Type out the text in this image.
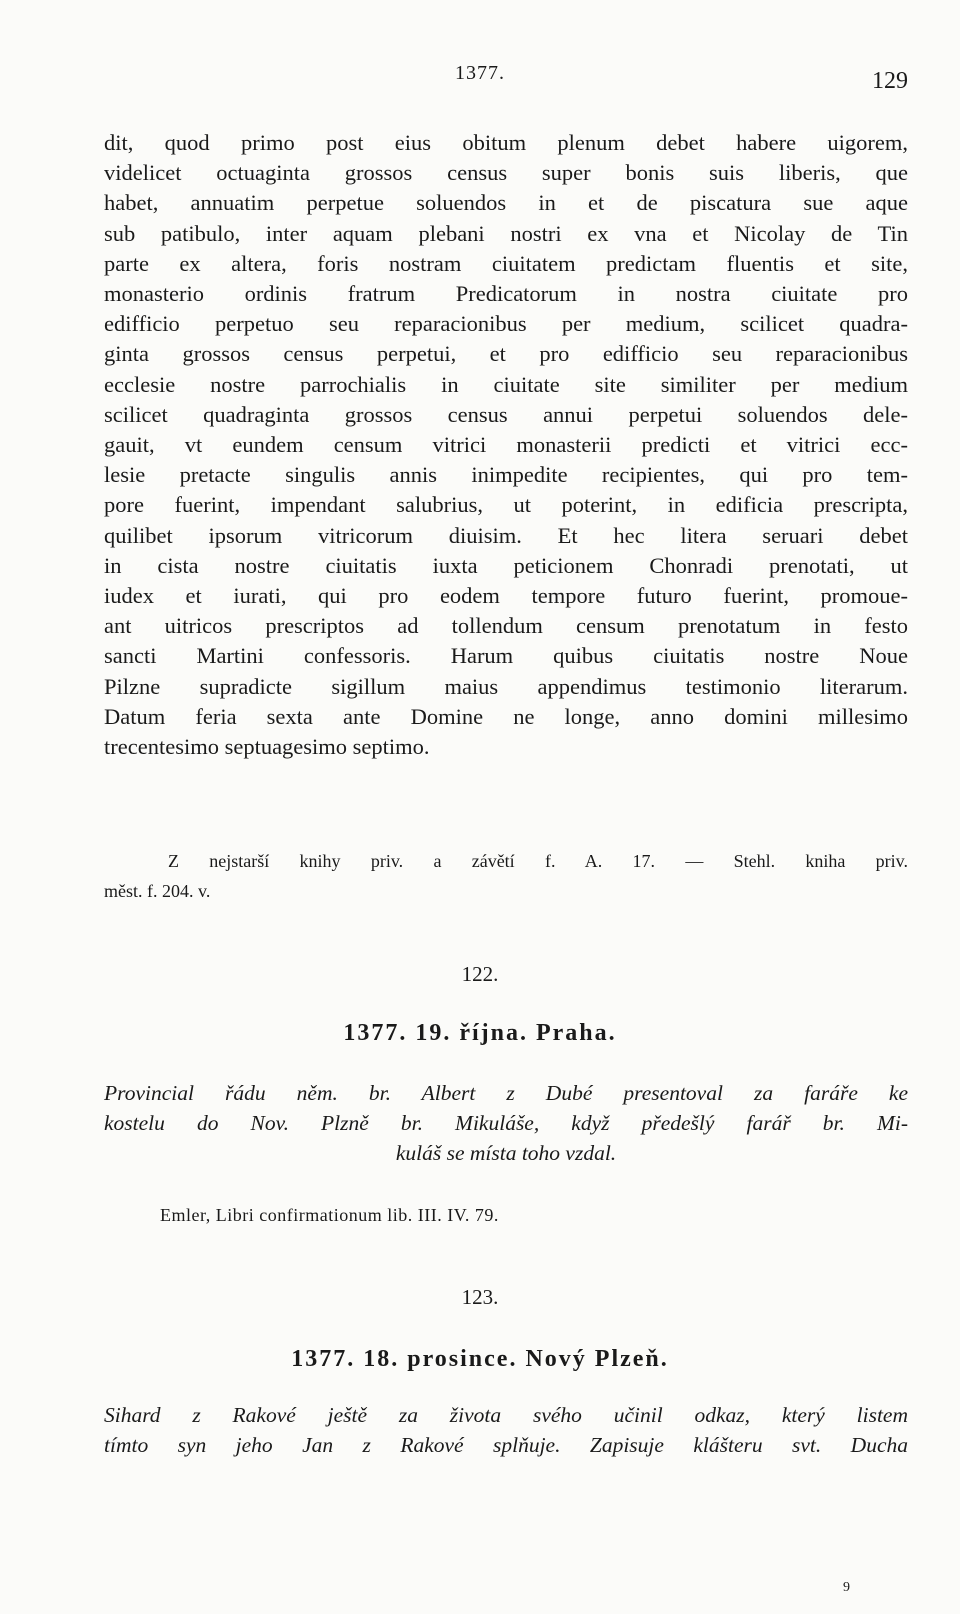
1377.	129
dit, quod primo post eius obitum plenum debet habere uigorem,
videlicet octuaginta grossos census super bonis suis liberis, que
habet, annuatim perpetue soluendos in et de piscatura sue aque
sub patibulo, inter aquam plebani nostri ex vna et Nicolay de Tin
parte ex altera, foris nostram ciuitatem predictam fluentis et site,
monasterio ordinis fratrum Predicatorum in nostra ciuitate pro
edifficio perpetuo seu reparacionibus per medium, scilicet quadra-
ginta grossos census perpetui, et pro edifficio seu reparacionibus
ecclesie nostre parrochialis in ciuitate site similiter per medium
scilicet quadraginta grossos census annui perpetui soluendos dele-
gauit, vt eundem censum vitrici monasterii predicti et vitrici ecc-
lesie pretacte singulis annis inimpedite recipientes, qui pro tem-
pore fuerint, impendant salubrius, ut poterint, in edificia prescripta,
quilibet ipsorum vitricorum diuisim. Et hec litera seruari debet
in cista nostre ciuitatis iuxta peticionem Chonradi prenotati, ut
iudex et iurati, qui pro eodem tempore futuro fuerint, promoue-
ant uitricos prescriptos ad tollendum censum prenotatum in festo
sancti Martini confessoris. Harum quibus ciuitatis nostre Noue
Pilzne supradicte sigillum maius appendimus testimonio literarum.
Datum feria sexta ante Domine ne longe, anno domini millesimo
trecentesimo septuagesimo septimo.
Z nejstarší knihy priv. a závětí f. A. 17. — Stehl. kniha priv.
měst. f. 204. v.
122.
1377. 19. října. Praha.
Provincial řádu něm. br. Albert z Dubé presentoval za faráře ke
kostelu do Nov. Plzně br. Mikuláše, když předešlý farář br. Mi-
kuláš se místa toho vzdal.
Emler, Libri confirmationum lib. III. IV. 79.
123.
1377. 18. prosince. Nový Plzeň.
Sihard z Rakové ještě za života svého učinil odkaz, který listem
tímto syn jeho Jan z Rakové splňuje. Zapisuje klášteru svt. Ducha
9
